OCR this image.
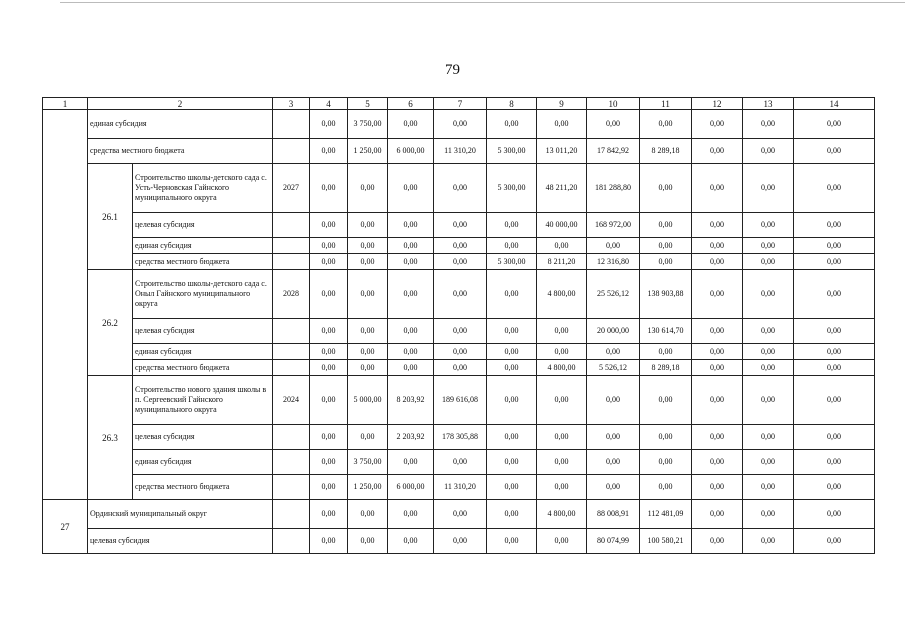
79
1	2		3	4	5	6	7	8	9	10	11	12	13	14
	единая субсидия			0,00	3 750,00	0,00	0,00	0,00	0,00	0,00	0,00	0,00	0,00	0,00
	средства местного бюджета			0,00	1 250,00	6 000,00	11 310,20	5 300,00	13 011,20	17 842,92	8 289,18	0,00	0,00	0,00
	26.1	Строительство школы-детского сада с. Усть-Черновская Гайнского муниципального округа	2027	0,00	0,00	0,00	0,00	5 300,00	48 211,20	181 288,80	0,00	0,00	0,00	0,00
		целевая субсидия		0,00	0,00	0,00	0,00	0,00	40 000,00	168 972,00	0,00	0,00	0,00	0,00
		единая субсидия		0,00	0,00	0,00	0,00	0,00	0,00	0,00	0,00	0,00	0,00	0,00
		средства местного бюджета		0,00	0,00	0,00	0,00	5 300,00	8 211,20	12 316,80	0,00	0,00	0,00	0,00
	26.2	Строительство школы-детского сада с. Оныл Гайнского муниципального округа	2028	0,00	0,00	0,00	0,00	0,00	4 800,00	25 526,12	138 903,88	0,00	0,00	0,00
		целевая субсидия		0,00	0,00	0,00	0,00	0,00	0,00	20 000,00	130 614,70	0,00	0,00	0,00
		единая субсидия		0,00	0,00	0,00	0,00	0,00	0,00	0,00	0,00	0,00	0,00	0,00
		средства местного бюджета		0,00	0,00	0,00	0,00	0,00	4 800,00	5 526,12	8 289,18	0,00	0,00	0,00
	26.3	Строительство нового здания школы в п. Сергеевский Гайнского муниципального округа	2024	0,00	5 000,00	8 203,92	189 616,08	0,00	0,00	0,00	0,00	0,00	0,00	0,00
		целевая субсидия		0,00	0,00	2 203,92	178 305,88	0,00	0,00	0,00	0,00	0,00	0,00	0,00
		единая субсидия		0,00	3 750,00	0,00	0,00	0,00	0,00	0,00	0,00	0,00	0,00	0,00
		средства местного бюджета		0,00	1 250,00	6 000,00	11 310,20	0,00	0,00	0,00	0,00	0,00	0,00	0,00
27	Ординский муниципальный округ			0,00	0,00	0,00	0,00	0,00	4 800,00	88 008,91	112 481,09	0,00	0,00	0,00
	целевая субсидия			0,00	0,00	0,00	0,00	0,00	0,00	80 074,99	100 580,21	0,00	0,00	0,00
